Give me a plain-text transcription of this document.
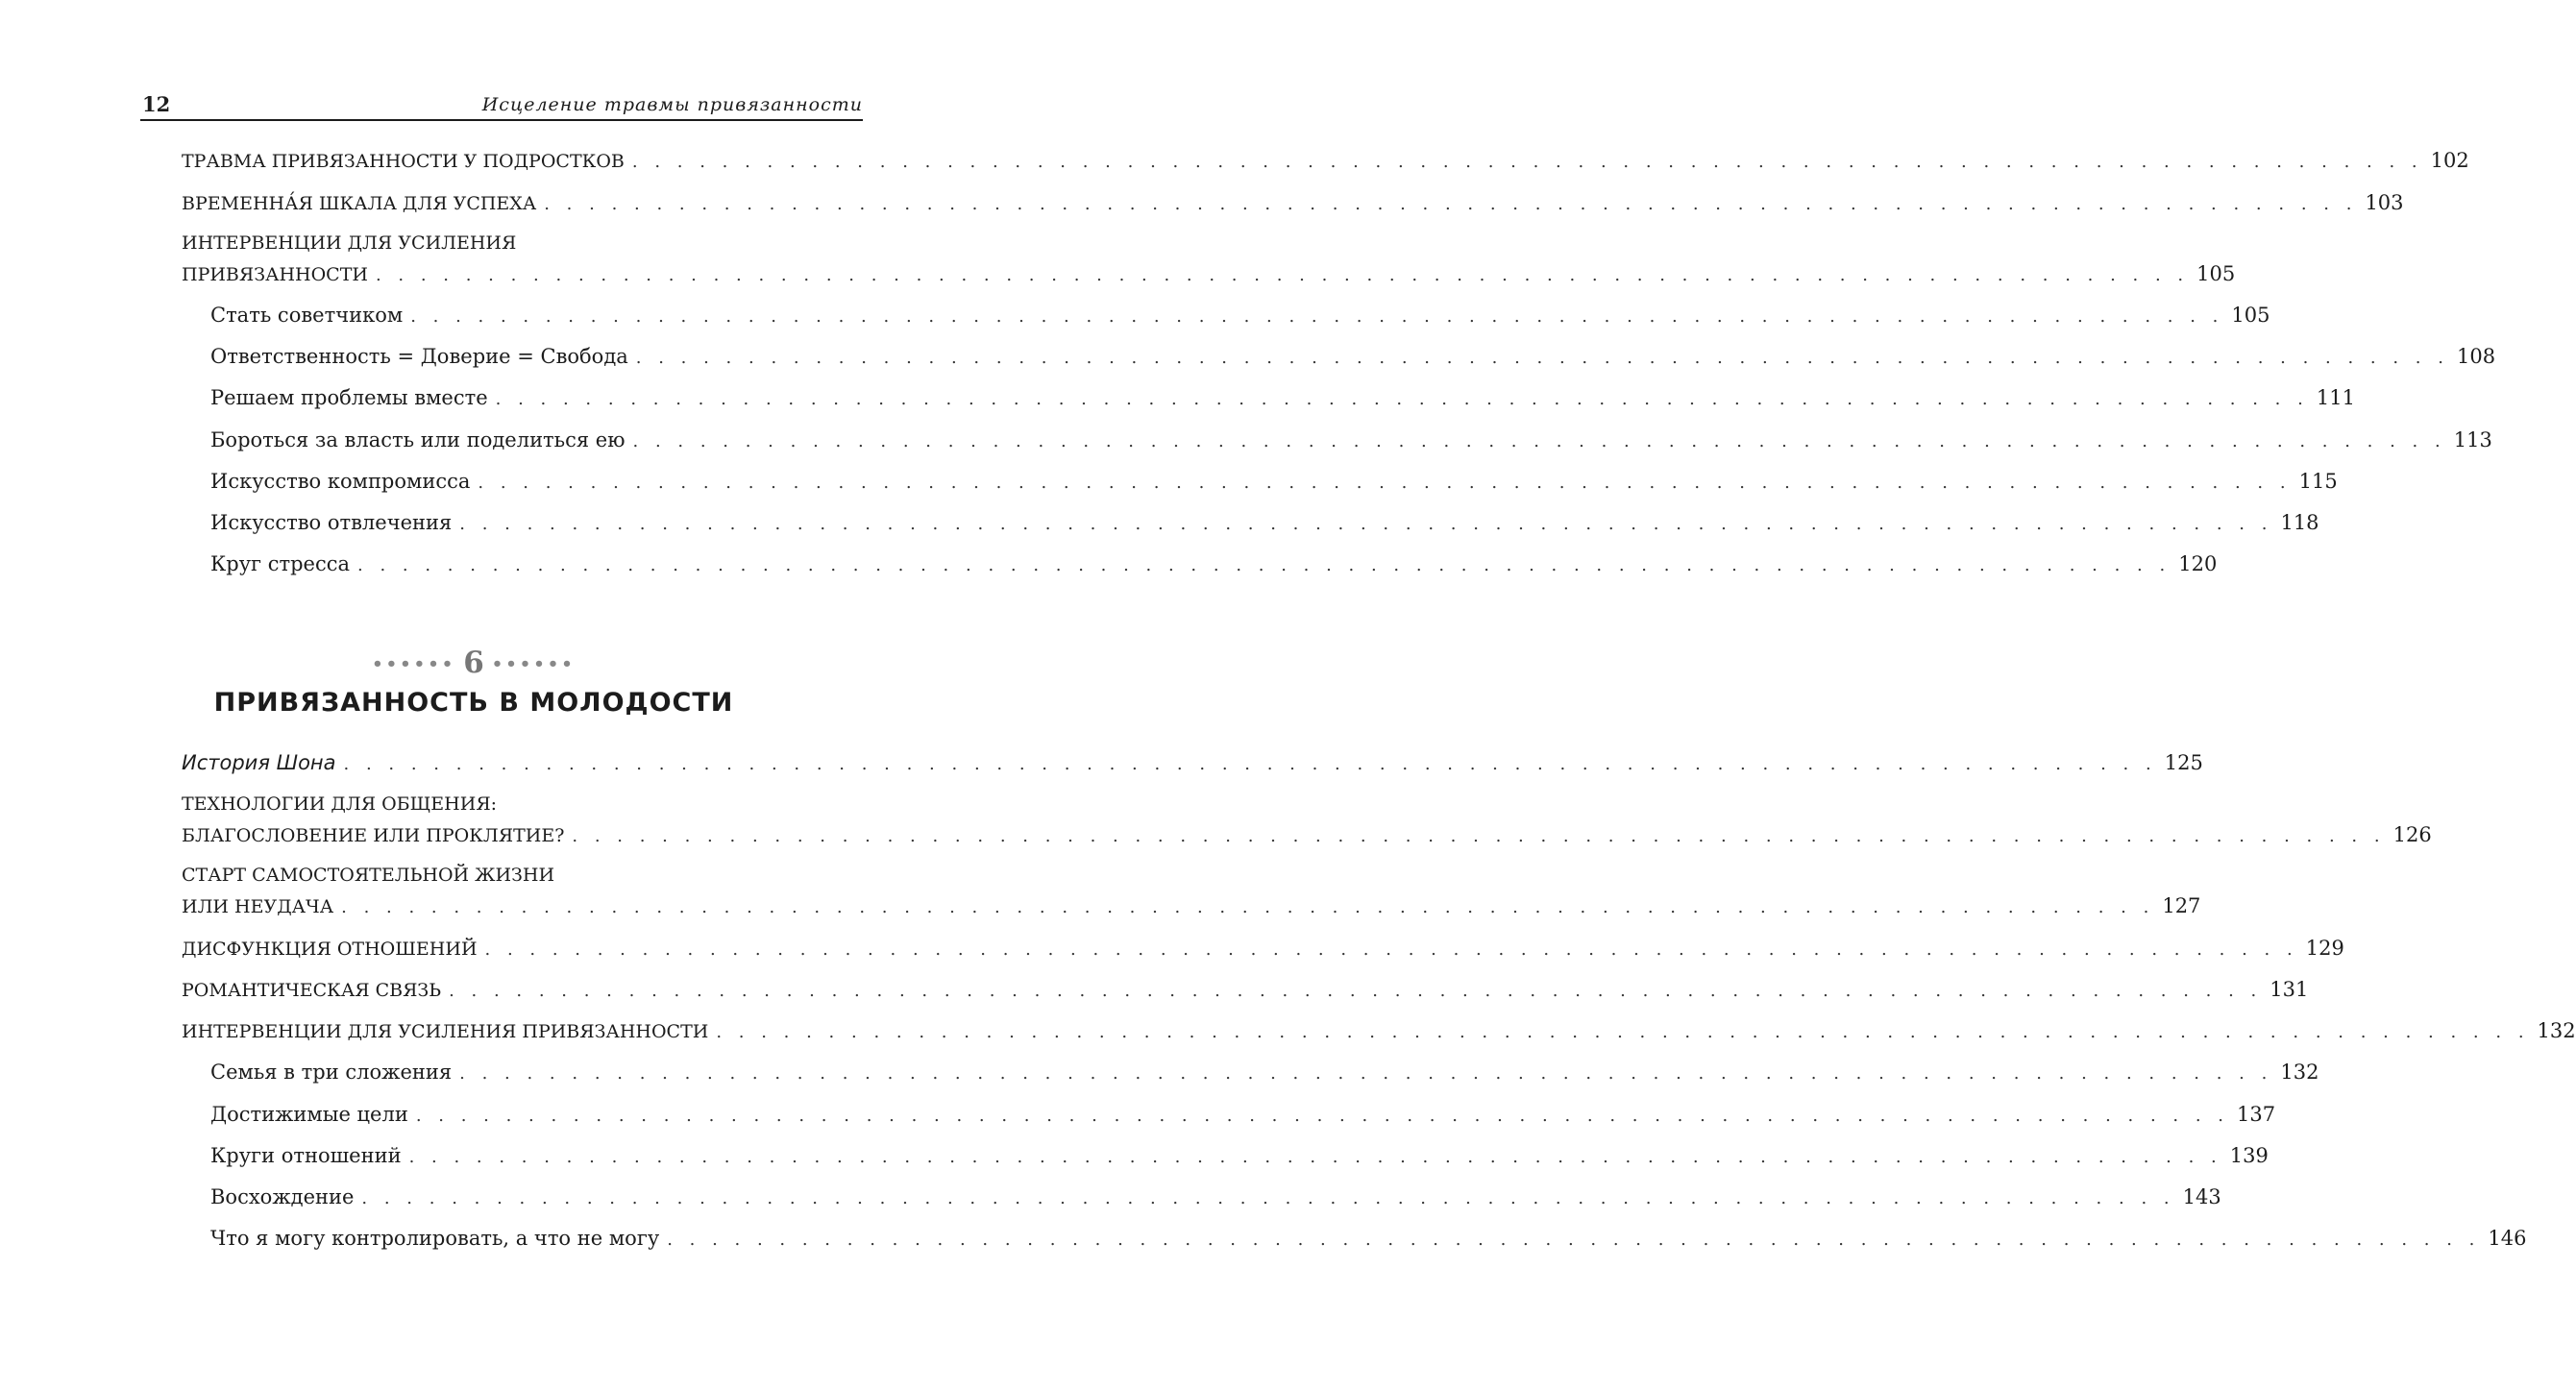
12	Исцеление травмы привязанности
ТРАВМА ПРИВЯЗАННОСТИ У ПОДРОСТКОВ . . . . . . . . . . . . . . . . . . . . . . . . . . . . . . . . . . . . . . . . . . . . . . . . . . . . . . . . . . . . . . . . . . . . . . . . . . . . . . . . 102
ВРЕМЕННА́Я ШКАЛА ДЛЯ УСПЕХА . . . . . . . . . . . . . . . . . . . . . . . . . . . . . . . . . . . . . . . . . . . . . . . . . . . . . . . . . . . . . . . . . . . . . . . . . . . . . . . . . 103
ИНТЕРВЕНЦИИ ДЛЯ УСИЛЕНИЯ
ПРИВЯЗАННОСТИ . . . . . . . . . . . . . . . . . . . . . . . . . . . . . . . . . . . . . . . . . . . . . . . . . . . . . . . . . . . . . . . . . . . . . . . . . . . . . . . . . 105
Стать советчиком . . . . . . . . . . . . . . . . . . . . . . . . . . . . . . . . . . . . . . . . . . . . . . . . . . . . . . . . . . . . . . . . . . . . . . . . . . . . . . . . . 105
Ответственность = Доверие = Свобода . . . . . . . . . . . . . . . . . . . . . . . . . . . . . . . . . . . . . . . . . . . . . . . . . . . . . . . . . . . . . . . . . . . . . . . . . . . . . . . . . 108
Решаем проблемы вместе . . . . . . . . . . . . . . . . . . . . . . . . . . . . . . . . . . . . . . . . . . . . . . . . . . . . . . . . . . . . . . . . . . . . . . . . . . . . . . . . . 111
Бороться за власть или поделиться ею . . . . . . . . . . . . . . . . . . . . . . . . . . . . . . . . . . . . . . . . . . . . . . . . . . . . . . . . . . . . . . . . . . . . . . . . . . . . . . . . . 113
Искусство компромисса . . . . . . . . . . . . . . . . . . . . . . . . . . . . . . . . . . . . . . . . . . . . . . . . . . . . . . . . . . . . . . . . . . . . . . . . . . . . . . . . . 115
Искусство отвлечения . . . . . . . . . . . . . . . . . . . . . . . . . . . . . . . . . . . . . . . . . . . . . . . . . . . . . . . . . . . . . . . . . . . . . . . . . . . . . . . . . 118
Круг стресса . . . . . . . . . . . . . . . . . . . . . . . . . . . . . . . . . . . . . . . . . . . . . . . . . . . . . . . . . . . . . . . . . . . . . . . . . . . . . . . . . 120
•••••• 6 ••••••
ПРИВЯЗАННОСТЬ В МОЛОДОСТИ
История Шона . . . . . . . . . . . . . . . . . . . . . . . . . . . . . . . . . . . . . . . . . . . . . . . . . . . . . . . . . . . . . . . . . . . . . . . . . . . . . . . . . 125
ТЕХНОЛОГИИ ДЛЯ ОБЩЕНИЯ:
БЛАГОСЛОВЕНИЕ ИЛИ ПРОКЛЯТИЕ? . . . . . . . . . . . . . . . . . . . . . . . . . . . . . . . . . . . . . . . . . . . . . . . . . . . . . . . . . . . . . . . . . . . . . . . . . . . . . . . . . 126
СТАРТ САМОСТОЯТЕЛЬНОЙ ЖИЗНИ
ИЛИ НЕУДАЧА . . . . . . . . . . . . . . . . . . . . . . . . . . . . . . . . . . . . . . . . . . . . . . . . . . . . . . . . . . . . . . . . . . . . . . . . . . . . . . . . . 127
ДИСФУНКЦИЯ ОТНОШЕНИЙ . . . . . . . . . . . . . . . . . . . . . . . . . . . . . . . . . . . . . . . . . . . . . . . . . . . . . . . . . . . . . . . . . . . . . . . . . . . . . . . . . 129
РОМАНТИЧЕСКАЯ СВЯЗЬ . . . . . . . . . . . . . . . . . . . . . . . . . . . . . . . . . . . . . . . . . . . . . . . . . . . . . . . . . . . . . . . . . . . . . . . . . . . . . . . . . 131
ИНТЕРВЕНЦИИ ДЛЯ УСИЛЕНИЯ ПРИВЯЗАННОСТИ . . . . . . . . . . . . . . . . . . . . . . . . . . . . . . . . . . . . . . . . . . . . . . . . . . . . . . . . . . . . . . . . . . . . . . . . . . . . . . . . . 132
Семья в три сложения . . . . . . . . . . . . . . . . . . . . . . . . . . . . . . . . . . . . . . . . . . . . . . . . . . . . . . . . . . . . . . . . . . . . . . . . . . . . . . . . . 132
Достижимые цели . . . . . . . . . . . . . . . . . . . . . . . . . . . . . . . . . . . . . . . . . . . . . . . . . . . . . . . . . . . . . . . . . . . . . . . . . . . . . . . . . 137
Круги отношений . . . . . . . . . . . . . . . . . . . . . . . . . . . . . . . . . . . . . . . . . . . . . . . . . . . . . . . . . . . . . . . . . . . . . . . . . . . . . . . . . 139
Восхождение . . . . . . . . . . . . . . . . . . . . . . . . . . . . . . . . . . . . . . . . . . . . . . . . . . . . . . . . . . . . . . . . . . . . . . . . . . . . . . . . . 143
Что я могу контролировать, а что не могу . . . . . . . . . . . . . . . . . . . . . . . . . . . . . . . . . . . . . . . . . . . . . . . . . . . . . . . . . . . . . . . . . . . . . . . . . . . . . . . . . 146
